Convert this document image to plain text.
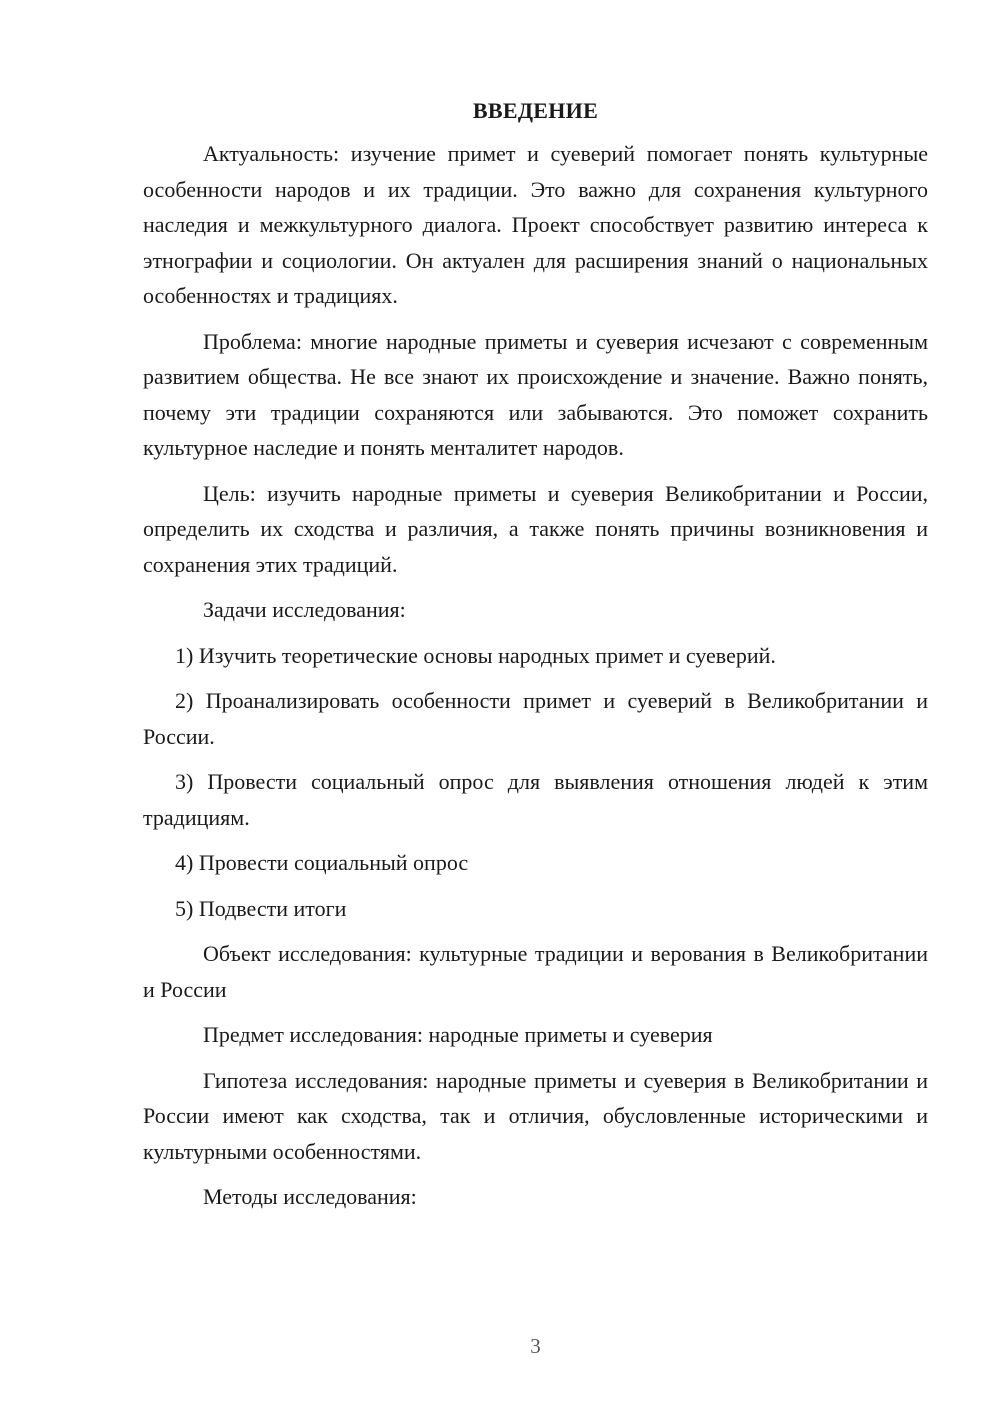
ВВЕДЕНИЕ

Актуальность: изучение примет и суеверий помогает понять культурные особенности народов и их традиции. Это важно для сохранения культурного наследия и межкультурного диалога. Проект способствует развитию интереса к этнографии и социологии. Он актуален для расширения знаний о национальных особенностях и традициях.

Проблема: многие народные приметы и суеверия исчезают с современным развитием общества. Не все знают их происхождение и значение. Важно понять, почему эти традиции сохраняются или забываются. Это поможет сохранить культурное наследие и понять менталитет народов.

Цель: изучить народные приметы и суеверия Великобритании и России, определить их сходства и различия, а также понять причины возникновения и сохранения этих традиций.

Задачи исследования:

1) Изучить теоретические основы народных примет и суеверий.

2) Проанализировать особенности примет и суеверий в Великобритании и России.

3) Провести социальный опрос для выявления отношения людей к этим традициям.

4) Провести социальный опрос

5) Подвести итоги

Объект исследования: культурные традиции и верования в Великобритании и России

Предмет исследования: народные приметы и суеверия

Гипотеза исследования: народные приметы и суеверия в Великобритании и России имеют как сходства, так и отличия, обусловленные историческими и культурными особенностями.

Методы исследования:

3
